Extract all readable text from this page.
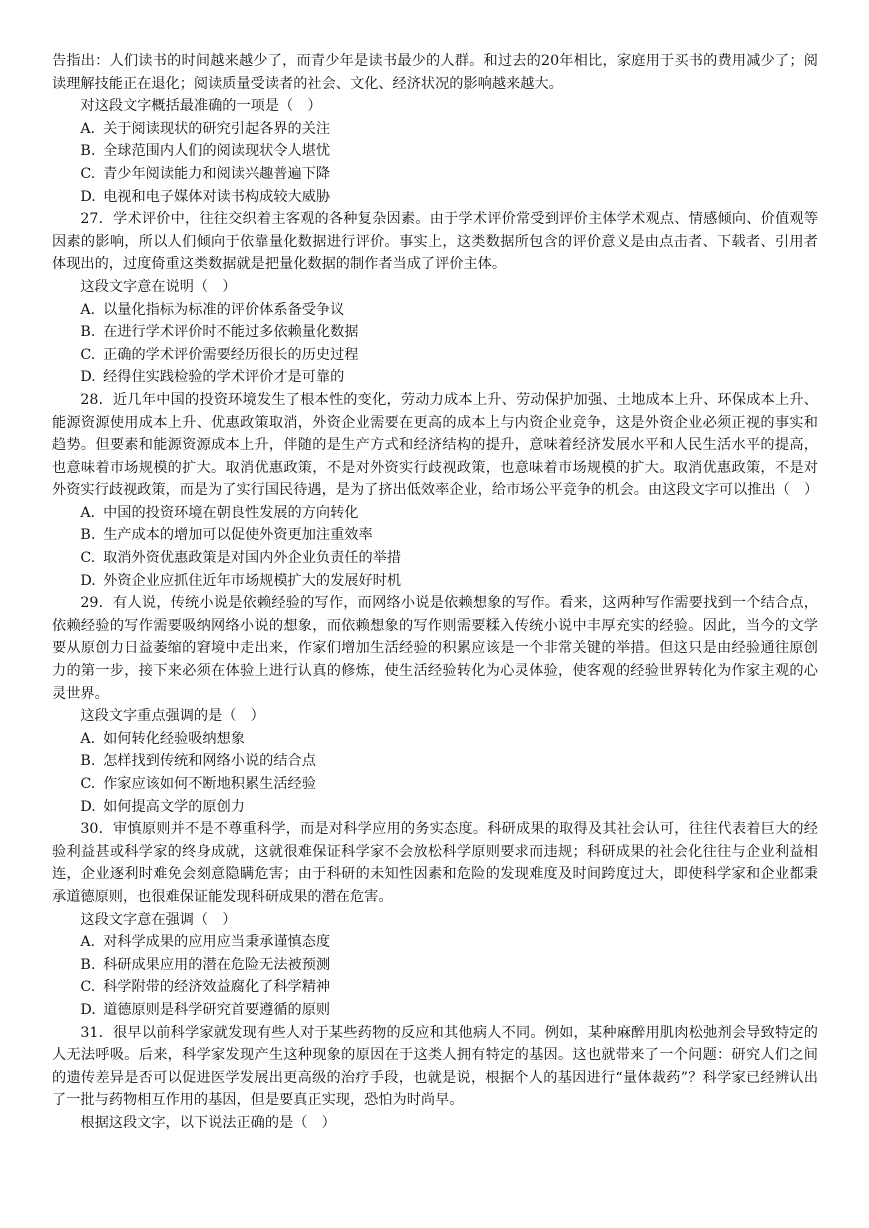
告指出：人们读书的时间越来越少了，而青少年是读书最少的人群。和过去的20年相比，家庭用于买书的费用减少了；阅读理解技能正在退化；阅读质量受读者的社会、文化、经济状况的影响越来越大。

对这段文字概括最准确的一项是（　）

A. 关于阅读现状的研究引起各界的关注

B. 全球范围内人们的阅读现状令人堪忧

C. 青少年阅读能力和阅读兴趣普遍下降

D. 电视和电子媒体对读书构成较大威胁

27．学术评价中，往往交织着主客观的各种复杂因素。由于学术评价常受到评价主体学术观点、情感倾向、价值观等因素的影响，所以人们倾向于依靠量化数据进行评价。事实上，这类数据所包含的评价意义是由点击者、下载者、引用者体现出的，过度倚重这类数据就是把量化数据的制作者当成了评价主体。

这段文字意在说明（　）

A. 以量化指标为标准的评价体系备受争议

B. 在进行学术评价时不能过多依赖量化数据

C. 正确的学术评价需要经历很长的历史过程

D. 经得住实践检验的学术评价才是可靠的

28．近几年中国的投资环境发生了根本性的变化，劳动力成本上升、劳动保护加强、土地成本上升、环保成本上升、能源资源使用成本上升、优惠政策取消，外资企业需要在更高的成本上与内资企业竞争，这是外资企业必须正视的事实和趋势。但要素和能源资源成本上升，伴随的是生产方式和经济结构的提升，意味着经济发展水平和人民生活水平的提高，也意味着市场规模的扩大。取消优惠政策，不是对外资实行歧视政策，也意味着市场规模的扩大。取消优惠政策，不是对外资实行歧视政策，而是为了实行国民待遇，是为了挤出低效率企业，给市场公平竞争的机会。由这段文字可以推出（　）

A. 中国的投资环境在朝良性发展的方向转化

B. 生产成本的增加可以促使外资更加注重效率

C. 取消外资优惠政策是对国内外企业负责任的举措

D. 外资企业应抓住近年市场规模扩大的发展好时机

29．有人说，传统小说是依赖经验的写作，而网络小说是依赖想象的写作。看来，这两种写作需要找到一个结合点，依赖经验的写作需要吸纳网络小说的想象，而依赖想象的写作则需要糅入传统小说中丰厚充实的经验。因此，当今的文学要从原创力日益萎缩的窘境中走出来，作家们增加生活经验的积累应该是一个非常关键的举措。但这只是由经验通往原创力的第一步，接下来必须在体验上进行认真的修炼，使生活经验转化为心灵体验，使客观的经验世界转化为作家主观的心灵世界。

这段文字重点强调的是（　）

A. 如何转化经验吸纳想象

B. 怎样找到传统和网络小说的结合点

C. 作家应该如何不断地积累生活经验

D. 如何提高文学的原创力

30．审慎原则并不是不尊重科学，而是对科学应用的务实态度。科研成果的取得及其社会认可，往往代表着巨大的经验利益甚或科学家的终身成就，这就很难保证科学家不会放松科学原则要求而违规；科研成果的社会化往往与企业利益相连，企业逐利时难免会刻意隐瞒危害；由于科研的未知性因素和危险的发现难度及时间跨度过大，即使科学家和企业都秉承道德原则，也很难保证能发现科研成果的潜在危害。

这段文字意在强调（　）

A. 对科学成果的应用应当秉承谨慎态度

B. 科研成果应用的潜在危险无法被预测

C. 科学附带的经济效益腐化了科学精神

D. 道德原则是科学研究首要遵循的原则

31．很早以前科学家就发现有些人对于某些药物的反应和其他病人不同。例如，某种麻醉用肌肉松弛剂会导致特定的人无法呼吸。后来，科学家发现产生这种现象的原因在于这类人拥有特定的基因。这也就带来了一个问题：研究人们之间的遗传差异是否可以促进医学发展出更高级的治疗手段，也就是说，根据个人的基因进行“量体裁药”？科学家已经辨认出了一批与药物相互作用的基因，但是要真正实现，恐怕为时尚早。

根据这段文字，以下说法正确的是（　）
